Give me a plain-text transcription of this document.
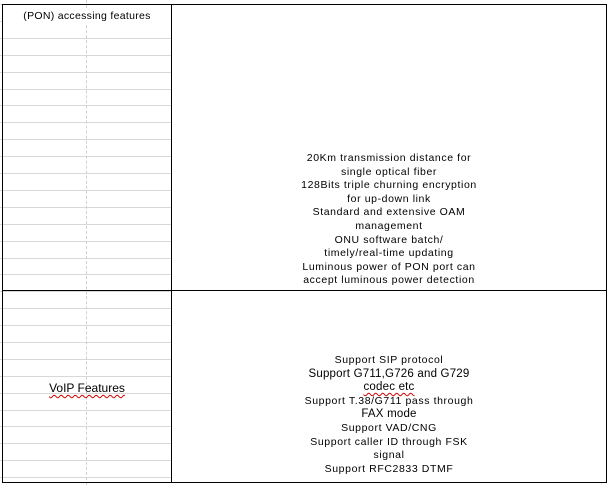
(PON) accessing features
20Km transmission distance for
single optical fiber
128Bits triple churning encryption
for up-down link
Standard and extensive OAM
management
ONU software batch/
timely/real-time updating
Luminous power of PON port can
accept luminous power detection
VoIP Features
Support SIP protocol
Support G711,G726 and G729
codec etc
Support T.38/G711 pass through
FAX mode
Support VAD/CNG
Support caller ID through FSK
signal
Support RFC2833 DTMF
